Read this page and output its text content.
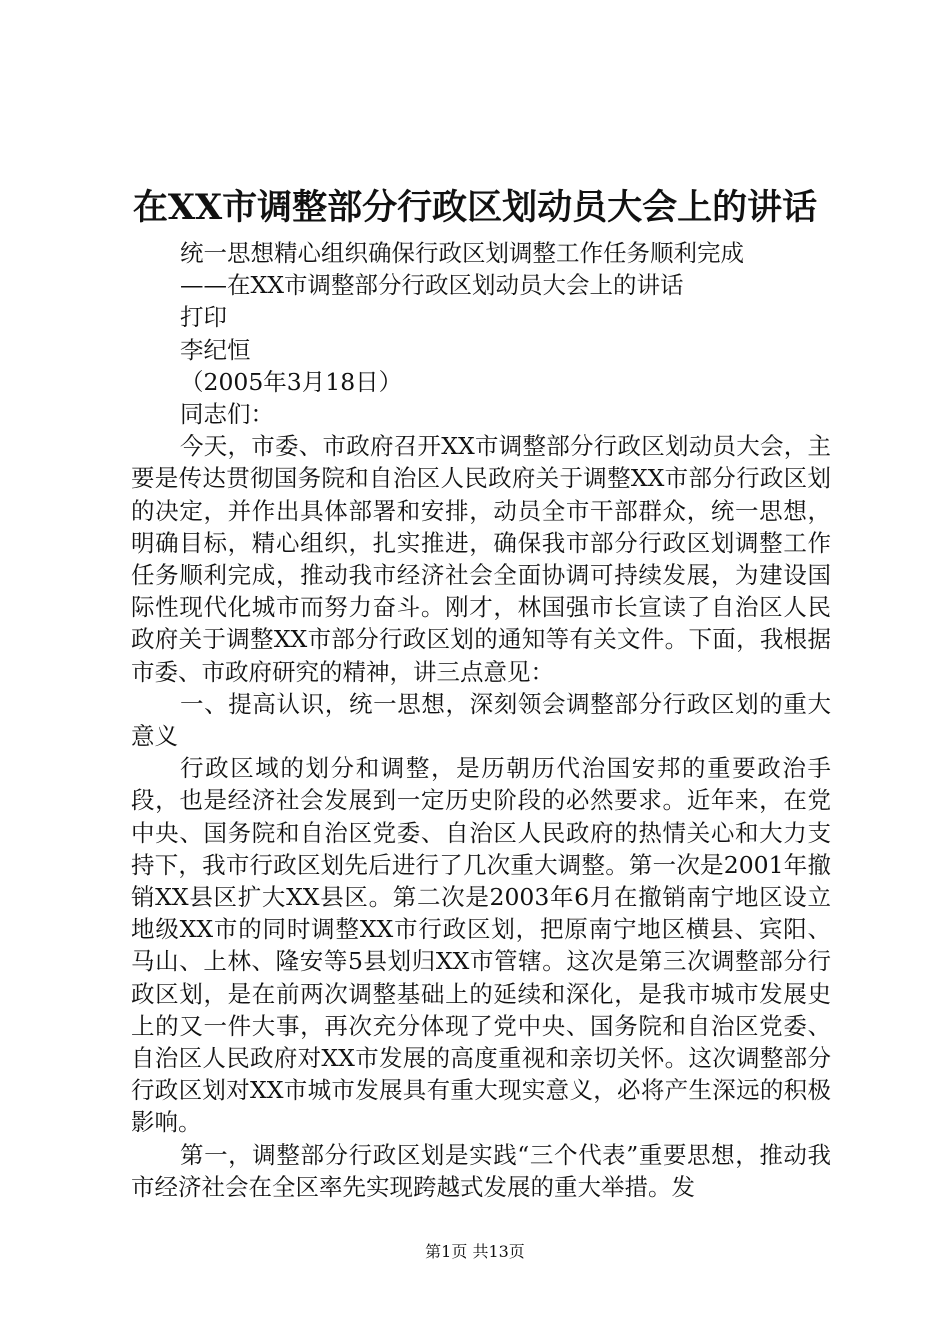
在XX市调整部分行政区划动员大会上的讲话

统一思想精心组织确保行政区划调整工作任务顺利完成

——在XX市调整部分行政区划动员大会上的讲话

打印

李纪恒

（2005年3月18日）

同志们：

今天，市委、市政府召开XX市调整部分行政区划动员大会，主要是传达贯彻国务院和自治区人民政府关于调整XX市部分行政区划的决定，并作出具体部署和安排，动员全市干部群众，统一思想，明确目标，精心组织，扎实推进，确保我市部分行政区划调整工作任务顺利完成，推动我市经济社会全面协调可持续发展，为建设国际性现代化城市而努力奋斗。刚才，林国强市长宣读了自治区人民政府关于调整XX市部分行政区划的通知等有关文件。下面，我根据市委、市政府研究的精神，讲三点意见：

一、提高认识，统一思想，深刻领会调整部分行政区划的重大意义

行政区域的划分和调整，是历朝历代治国安邦的重要政治手段，也是经济社会发展到一定历史阶段的必然要求。近年来，在党中央、国务院和自治区党委、自治区人民政府的热情关心和大力支持下，我市行政区划先后进行了几次重大调整。第一次是2001年撤销XX县区扩大XX县区。第二次是2003年6月在撤销南宁地区设立地级XX市的同时调整XX市行政区划，把原南宁地区横县、宾阳、马山、上林、隆安等5县划归XX市管辖。这次是第三次调整部分行政区划，是在前两次调整基础上的延续和深化，是我市城市发展史上的又一件大事，再次充分体现了党中央、国务院和自治区党委、自治区人民政府对XX市发展的高度重视和亲切关怀。这次调整部分行政区划对XX市城市发展具有重大现实意义，必将产生深远的积极影响。

第一，调整部分行政区划是实践“三个代表”重要思想，推动我市经济社会在全区率先实现跨越式发展的重大举措。发

第1页 共13页
